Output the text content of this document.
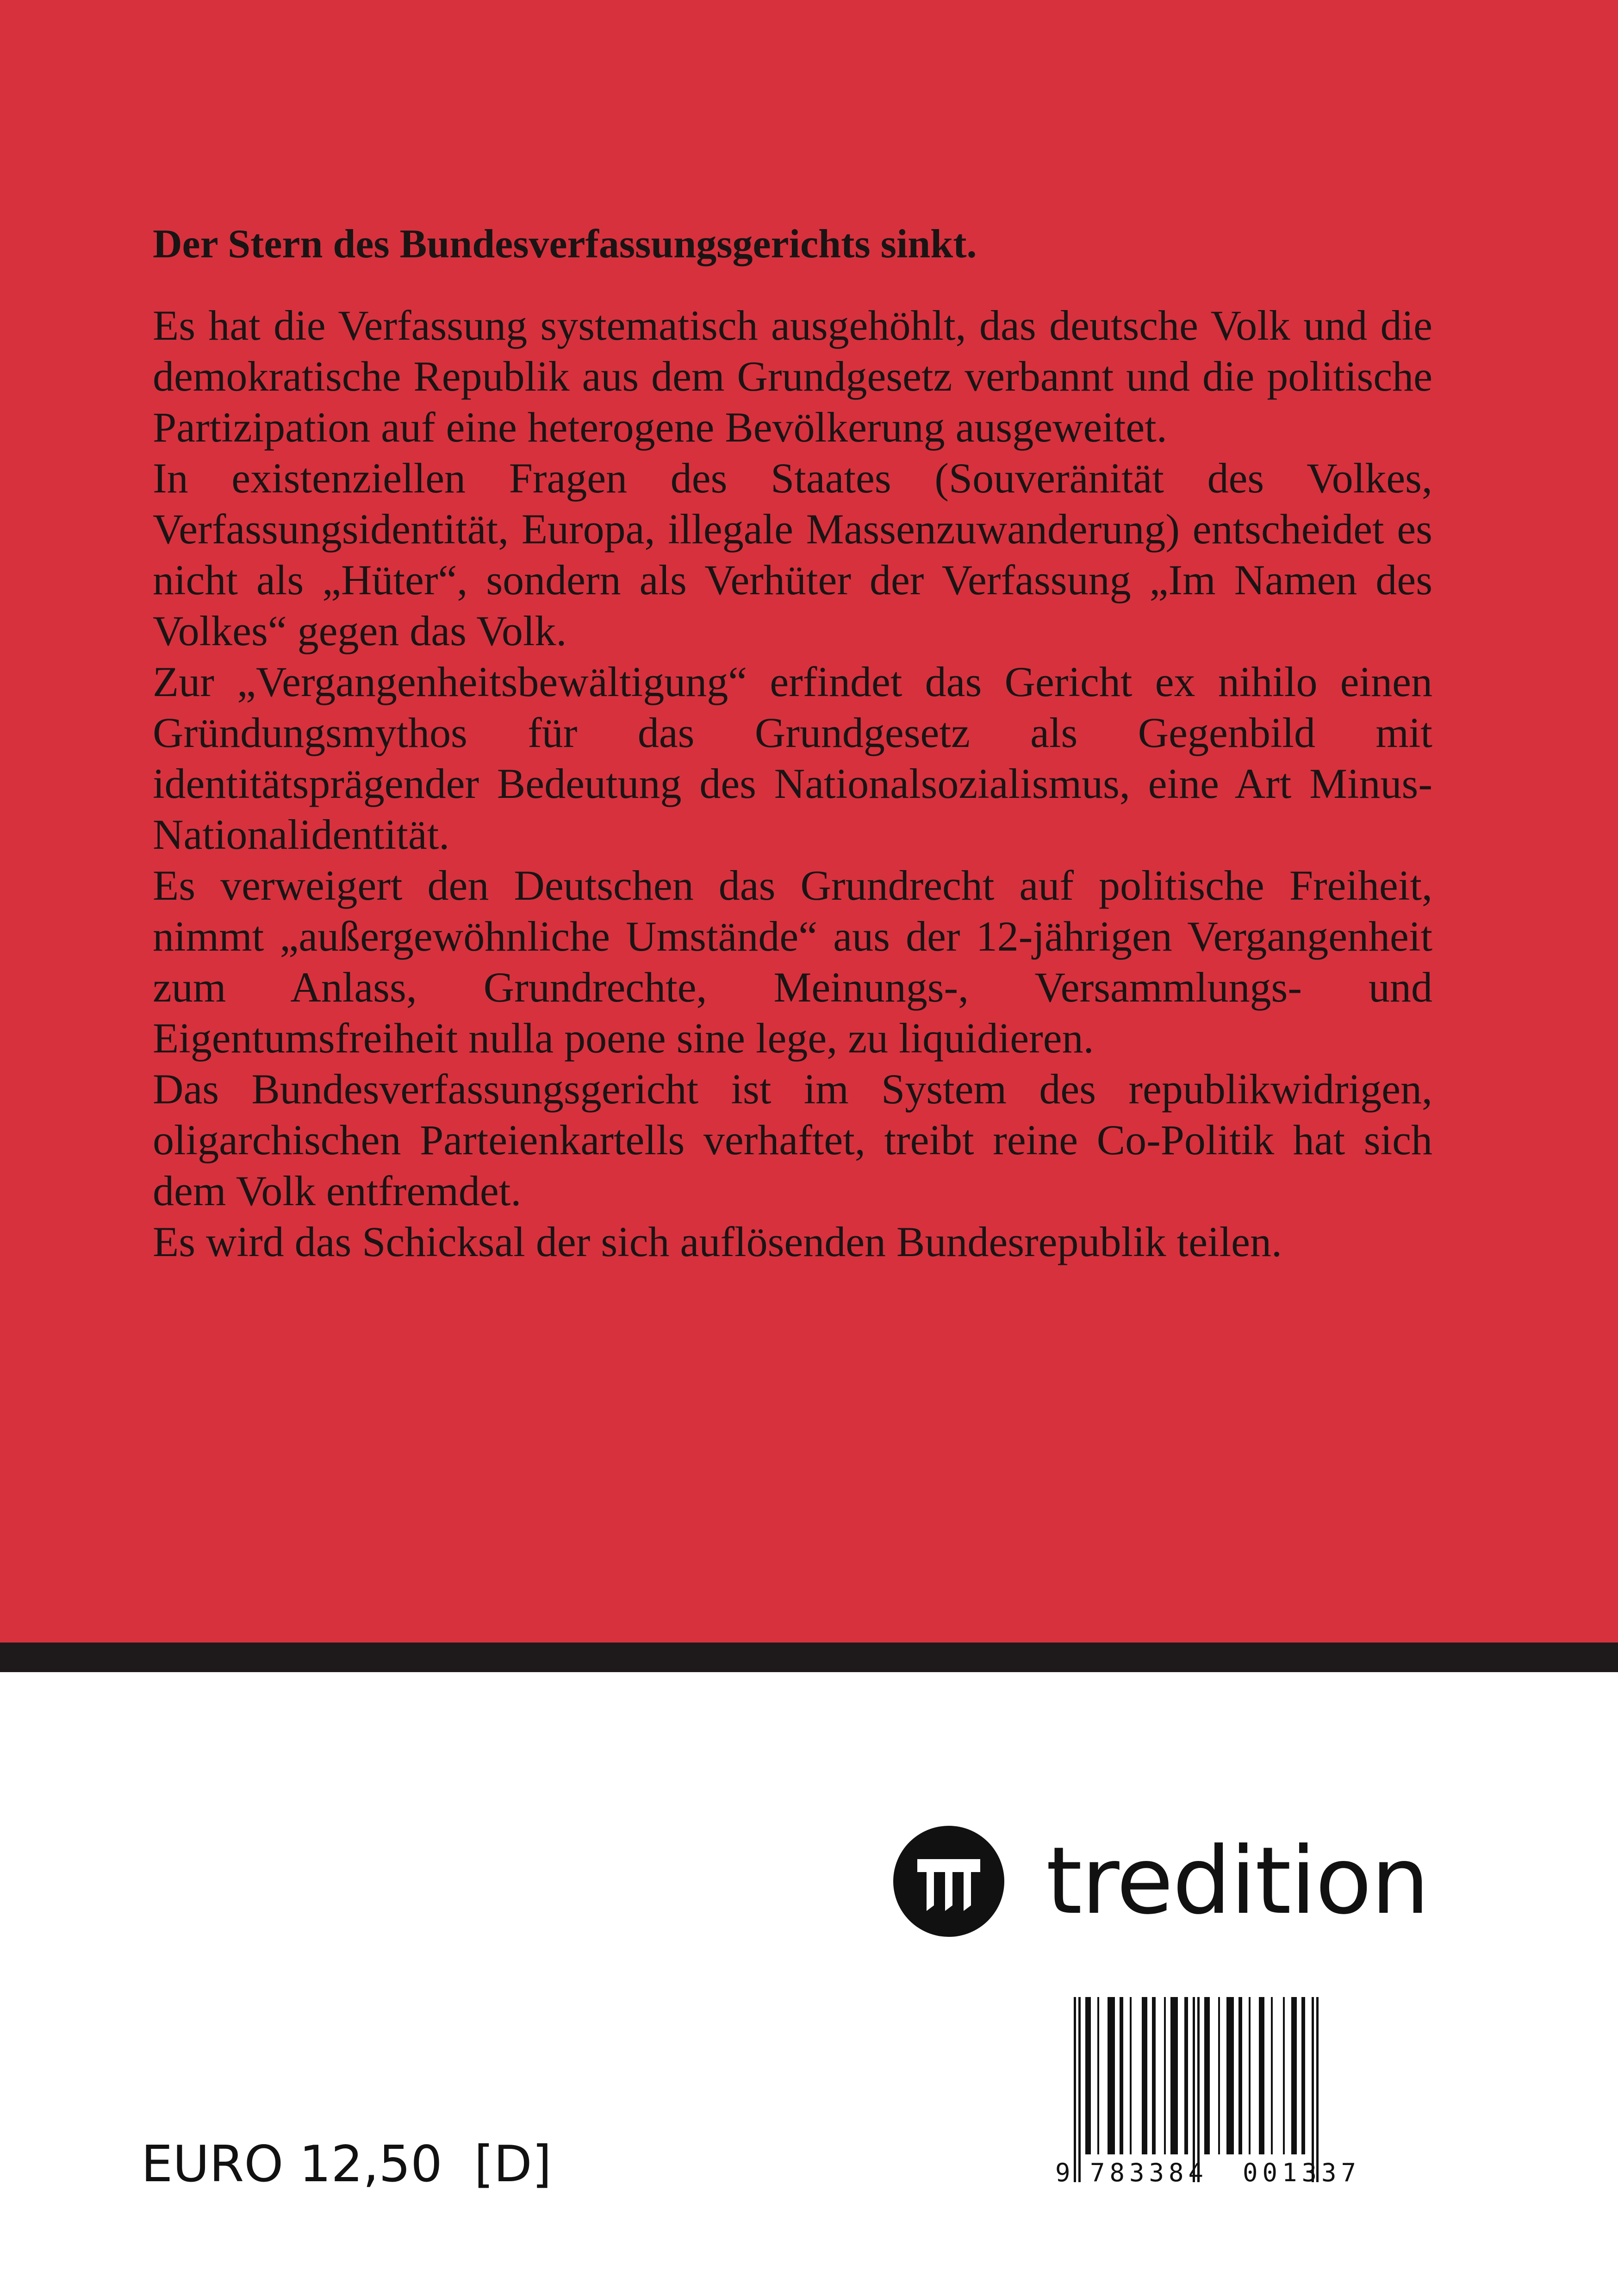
Der Stern des Bundesverfassungsgerichts sinkt.

Es hat die Verfassung systematisch ausgehöhlt, das deutsche Volk und die demokratische Republik aus dem Grundgesetz verbannt und die politische Partizipation auf eine heterogene Bevölkerung ausgeweitet.

In existenziellen Fragen des Staates (Souveränität des Volkes, Verfassungsidentität, Europa, illegale Massenzuwanderung) entscheidet es nicht als „Hüter“, sondern als Verhüter der Verfassung „Im Namen des Volkes“ gegen das Volk.

Zur „Vergangenheitsbewältigung“ erfindet das Gericht ex nihilo einen Gründungsmythos für das Grundgesetz als Gegenbild mit identitätsprägender Bedeutung des Nationalsozialismus, eine Art Minus-Nationalidentität.

Es verweigert den Deutschen das Grundrecht auf politische Freiheit, nimmt „außergewöhnliche Umstände“ aus der 12-jährigen Vergangenheit zum Anlass, Grundrechte, Meinungs-, Versammlungs- und Eigentumsfreiheit nulla poene sine lege, zu liquidieren.

Das Bundesverfassungsgericht ist im System des republikwidrigen, oligarchischen Parteienkartells verhaftet, treibt reine Co-Politik hat sich dem Volk entfremdet.

Es wird das Schicksal der sich auflösenden Bundesrepublik teilen.

tredition
9 783384 001337
EURO 12,50  [D]
